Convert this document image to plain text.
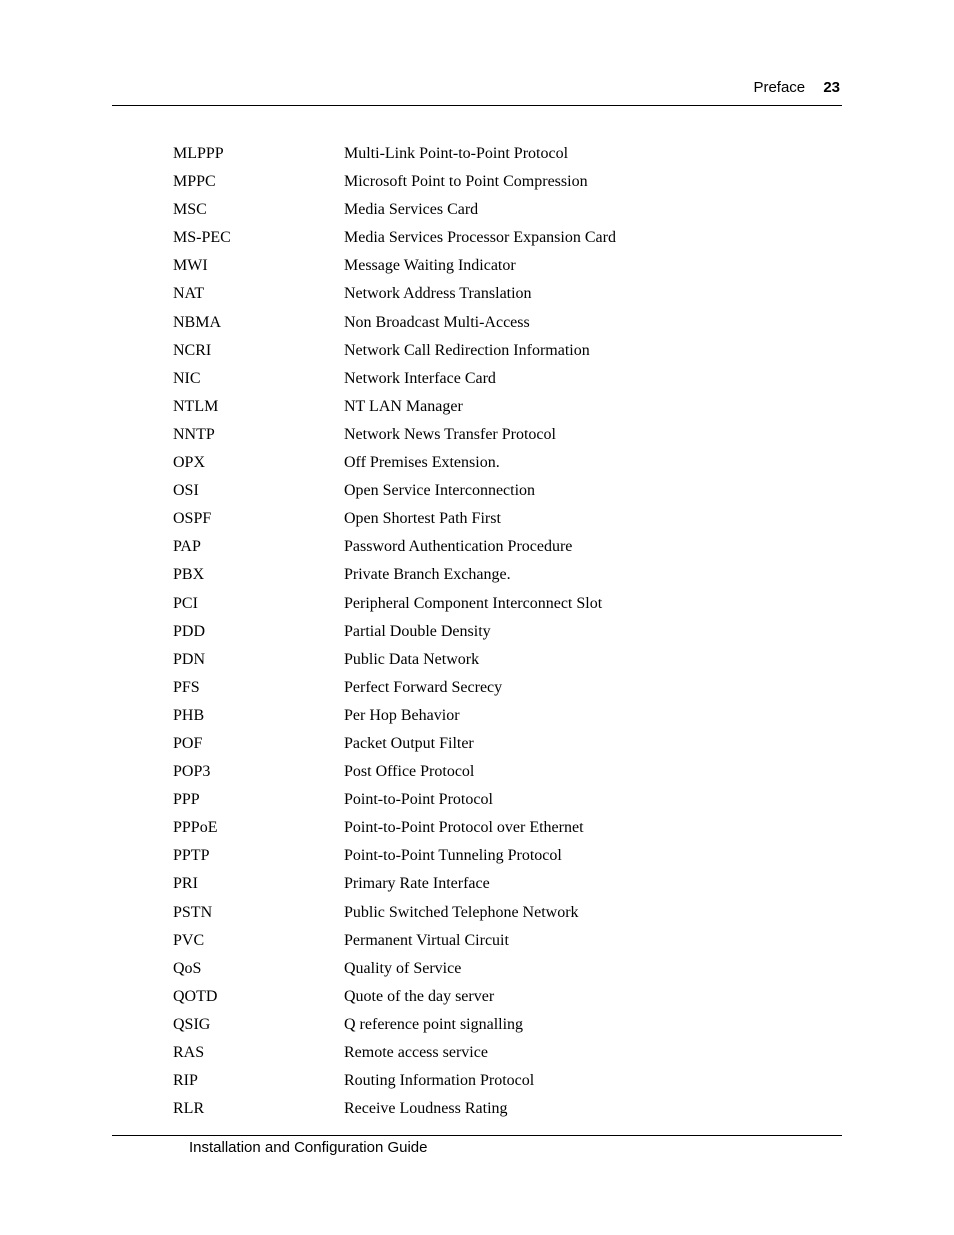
Preface 23
MLPPP	Multi-Link Point-to-Point Protocol
MPPC	Microsoft Point to Point Compression
MSC	Media Services Card
MS-PEC	Media Services Processor Expansion Card
MWI	Message Waiting Indicator
NAT	Network Address Translation
NBMA	Non Broadcast Multi-Access
NCRI	Network Call Redirection Information
NIC	Network Interface Card
NTLM	NT LAN Manager
NNTP	Network News Transfer Protocol
OPX	Off Premises Extension.
OSI	Open Service Interconnection
OSPF	Open Shortest Path First
PAP	Password Authentication Procedure
PBX	Private Branch Exchange.
PCI	Peripheral Component Interconnect Slot
PDD	Partial Double Density
PDN	Public Data Network
PFS	Perfect Forward Secrecy
PHB	Per Hop Behavior
POF	Packet Output Filter
POP3	Post Office Protocol
PPP	Point-to-Point Protocol
PPPoE	Point-to-Point Protocol over Ethernet
PPTP	Point-to-Point Tunneling Protocol
PRI	Primary Rate Interface
PSTN	Public Switched Telephone Network
PVC	Permanent Virtual Circuit
QoS	Quality of Service
QOTD	Quote of the day server
QSIG	Q reference point signalling
RAS	Remote access service
RIP	Routing Information Protocol
RLR	Receive Loudness Rating
Installation and Configuration Guide
